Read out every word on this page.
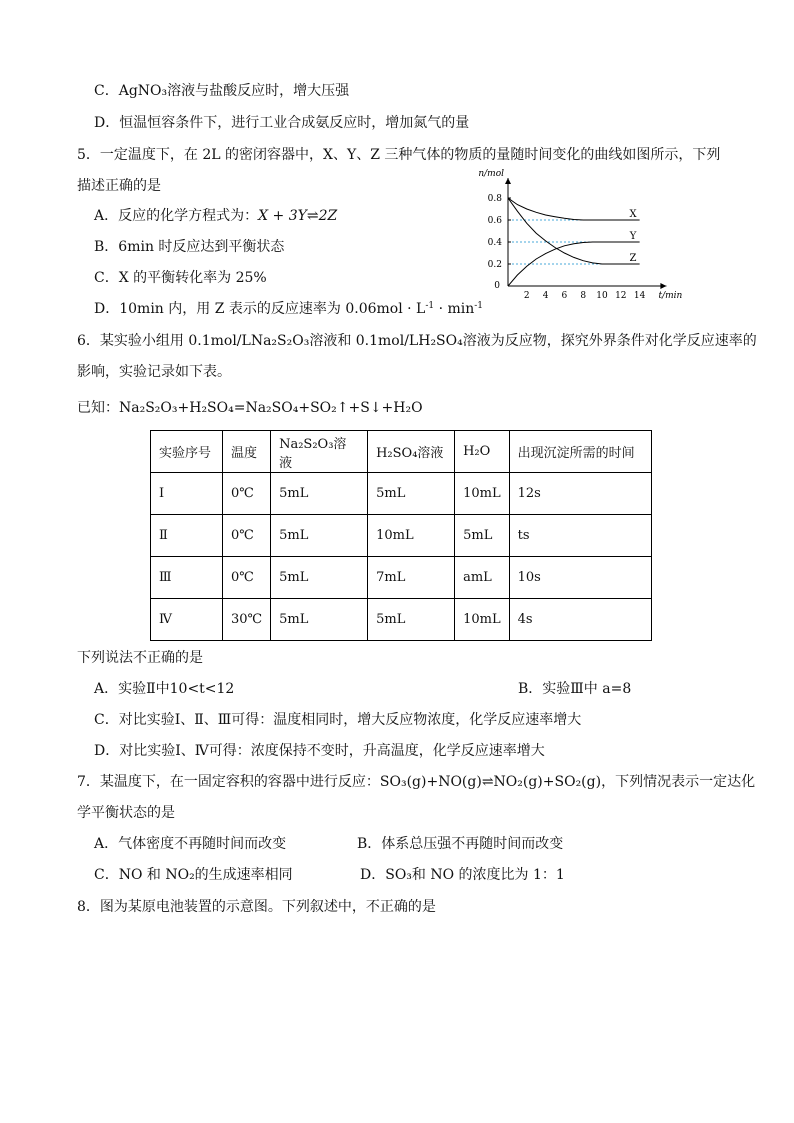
C．AgNO₃溶液与盐酸反应时，增大压强
D．恒温恒容条件下，进行工业合成氨反应时，增加氮气的量
5．一定温度下，在 2L 的密闭容器中，X、Y、Z 三种气体的物质的量随时间变化的曲线如图所示，下列
描述正确的是
A．反应的化学方程式为：X + 3Y⇌2Z
B．6min 时反应达到平衡状态
C．X 的平衡转化率为 25%
D．10min 内，用 Z 表示的反应速率为 $0.06mol \cdot L^{-1} \cdot \min^{-1}$
2 4 6 8 10 12 14
0
0.2
0.4
0.6
0.8
n/mol
t/min
X
Y
Z
6．某实验小组用 0.1mol/LNa₂S₂O₃溶液和 0.1mol/LH₂SO₄溶液为反应物，探究外界条件对化学反应速率的
影响，实验记录如下表。
已知：Na₂S₂O₃+H₂SO₄=Na₂SO₄+SO₂↑+S↓+H₂O
实验序号	温度	Na₂S₂O₃溶液	H₂SO₄溶液	H₂O	出现沉淀所需的时间
Ⅰ	0℃	5mL	5mL	10mL	12s
Ⅱ	0℃	5mL	10mL	5mL	ts
Ⅲ	0℃	5mL	7mL	amL	10s
Ⅳ	30℃	5mL	5mL	10mL	4s
下列说法不正确的是
A．实验Ⅱ中10<t<12	B．实验Ⅲ中 a=8
C．对比实验Ⅰ、Ⅱ、Ⅲ可得：温度相同时，增大反应物浓度，化学反应速率增大
D．对比实验Ⅰ、Ⅳ可得：浓度保持不变时，升高温度，化学反应速率增大
7．某温度下，在一固定容积的容器中进行反应：SO₃(g)+NO(g)⇌NO₂(g)+SO₂(g)，下列情况表示一定达化
学平衡状态的是
A．气体密度不再随时间而改变	B．体系总压强不再随时间而改变
C．NO 和 NO₂的生成速率相同	D．SO₃和 NO 的浓度比为 1：1
8．图为某原电池装置的示意图。下列叙述中，不正确的是
